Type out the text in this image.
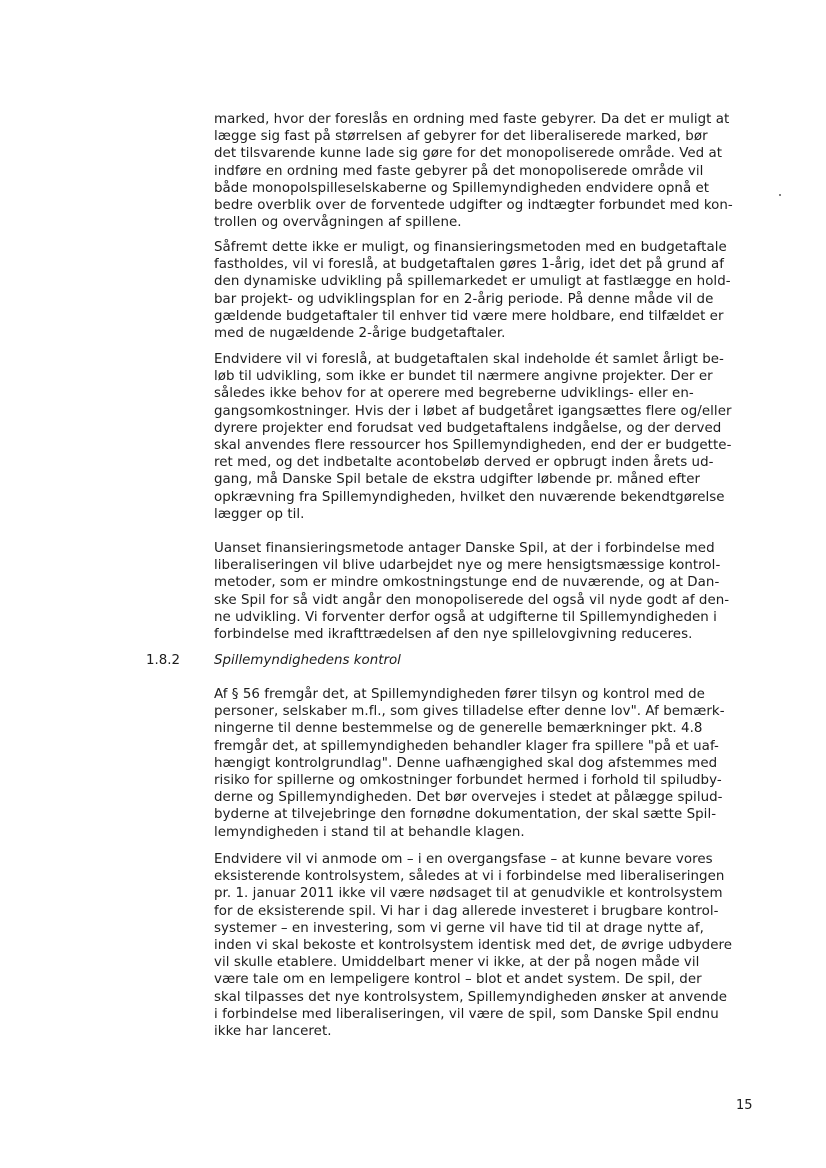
marked, hvor der foreslås en ordning med faste gebyrer. Da det er muligt at
lægge sig fast på størrelsen af gebyrer for det liberaliserede marked, bør
det tilsvarende kunne lade sig gøre for det monopoliserede område. Ved at
indføre en ordning med faste gebyrer på det monopoliserede område vil
både monopolspilleselskaberne og Spillemyndigheden endvidere opnå et
bedre overblik over de forventede udgifter og indtægter forbundet med kon-
trollen og overvågningen af spillene.
Såfremt dette ikke er muligt, og finansieringsmetoden med en budgetaftale
fastholdes, vil vi foreslå, at budgetaftalen gøres 1-årig, idet det på grund af
den dynamiske udvikling på spillemarkedet er umuligt at fastlægge en hold-
bar projekt- og udviklingsplan for en 2-årig periode. På denne måde vil de
gældende budgetaftaler til enhver tid være mere holdbare, end tilfældet er
med de nugældende 2-årige budgetaftaler.
Endvidere vil vi foreslå, at budgetaftalen skal indeholde ét samlet årligt be-
løb til udvikling, som ikke er bundet til nærmere angivne projekter. Der er
således ikke behov for at operere med begreberne udviklings- eller en-
gangsomkostninger. Hvis der i løbet af budgetåret igangsættes flere og/eller
dyrere projekter end forudsat ved budgetaftalens indgåelse, og der derved
skal anvendes flere ressourcer hos Spillemyndigheden, end der er budgette-
ret med, og det indbetalte acontobeløb derved er opbrugt inden årets ud-
gang, må Danske Spil betale de ekstra udgifter løbende pr. måned efter
opkrævning fra Spillemyndigheden, hvilket den nuværende bekendtgørelse
lægger op til.
Uanset finansieringsmetode antager Danske Spil, at der i forbindelse med
liberaliseringen vil blive udarbejdet nye og mere hensigtsmæssige kontrol-
metoder, som er mindre omkostningstunge end de nuværende, og at Dan-
ske Spil for så vidt angår den monopoliserede del også vil nyde godt af den-
ne udvikling. Vi forventer derfor også at udgifterne til Spillemyndigheden i
forbindelse med ikrafttrædelsen af den nye spillelovgivning reduceres.

1.8.2	Spillemyndighedens kontrol

Af § 56 fremgår det, at Spillemyndigheden fører tilsyn og kontrol med de
personer, selskaber m.fl., som gives tilladelse efter denne lov". Af bemærk-
ningerne til denne bestemmelse og de generelle bemærkninger pkt. 4.8
fremgår det, at spillemyndigheden behandler klager fra spillere "på et uaf-
hængigt kontrolgrundlag". Denne uafhængighed skal dog afstemmes med
risiko for spillerne og omkostninger forbundet hermed i forhold til spiludby-
derne og Spillemyndigheden. Det bør overvejes i stedet at pålægge spilud-
byderne at tilvejebringe den fornødne dokumentation, der skal sætte Spil-
lemyndigheden i stand til at behandle klagen.
Endvidere vil vi anmode om – i en overgangsfase – at kunne bevare vores
eksisterende kontrolsystem, således at vi i forbindelse med liberaliseringen
pr. 1. januar 2011 ikke vil være nødsaget til at genudvikle et kontrolsystem
for de eksisterende spil. Vi har i dag allerede investeret i brugbare kontrol-
systemer – en investering, som vi gerne vil have tid til at drage nytte af,
inden vi skal bekoste et kontrolsystem identisk med det, de øvrige udbydere
vil skulle etablere. Umiddelbart mener vi ikke, at der på nogen måde vil
være tale om en lempeligere kontrol – blot et andet system. De spil, der
skal tilpasses det nye kontrolsystem, Spillemyndigheden ønsker at anvende
i forbindelse med liberaliseringen, vil være de spil, som Danske Spil endnu
ikke har lanceret.

15
